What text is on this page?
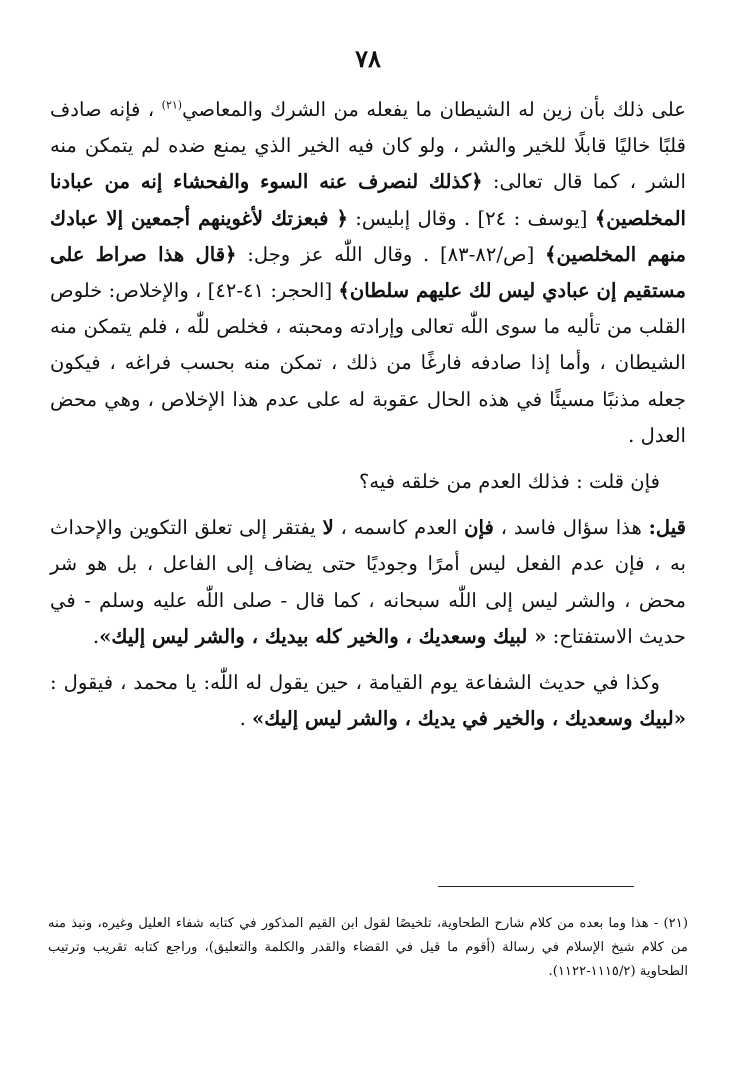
٧٨

على ذلك بأن زين له الشيطان ما يفعله من الشرك والمعاصي$^{(٢١)}$ ، فإنه صادف قلبًا خاليًا قابلًا للخير والشر ، ولو كان فيه الخير الذي يمنع ضده لم يتمكن منه الشر ، كما قال تعالى: ﴿كذلك لنصرف عنه السوء والفحشاء إنه من عبادنا المخلصين﴾ [يوسف : ٢٤] . وقال إبليس: ﴿ فبعزتك لأغوينهم أجمعين إلا عبادك منهم المخلصين﴾ [ص/٨٢-٨٣] . وقال اللّٰه عز وجل: ﴿قال هذا صراط على مستقيم إن عبادي ليس لك عليهم سلطان﴾ [الحجر: ٤١-٤٢] ، والإخلاص: خلوص القلب من تأليه ما سوى اللّٰه تعالى وإرادته ومحبته ، فخلص للّٰه ، فلم يتمكن منه الشيطان ، وأما إذا صادفه فارغًا من ذلك ، تمكن منه بحسب فراغه ، فيكون جعله مذنبًا مسيئًا في هذه الحال عقوبة له على عدم هذا الإخلاص ، وهي محض العدل .

فإن قلت : فذلك العدم من خلقه فيه؟

قيل: هذا سؤال فاسد ، فإن العدم كاسمه ، لا يفتقر إلى تعلق التكوين والإحداث به ، فإن عدم الفعل ليس أمرًا وجوديًا حتى يضاف إلى الفاعل ، بل هو شر محض ، والشر ليس إلى اللّٰه سبحانه ، كما قال - صلى اللّٰه عليه وسلم - في حديث الاستفتاح: « لبيك وسعديك ، والخير كله بيديك ، والشر ليس إليك».

وكذا في حديث الشفاعة يوم القيامة ، حين يقول له اللّٰه: يا محمد ، فيقول : «لبيك وسعديك ، والخير في يديك ، والشر ليس إليك» .

(٢١) - هذا وما بعده من كلام شارح الطحاوية، تلخيصًا لقول ابن القيم المذكور في كتابه شفاء العليل وغيره، ونبذ منه من كلام شيخ الإسلام في رسالة (أقوم ما قيل في القضاء والقدر والكلمة والتعليق)، وراجع كتابه تقريب وترتيب الطحاوية (١١١٥/٢-١١٢٢).
